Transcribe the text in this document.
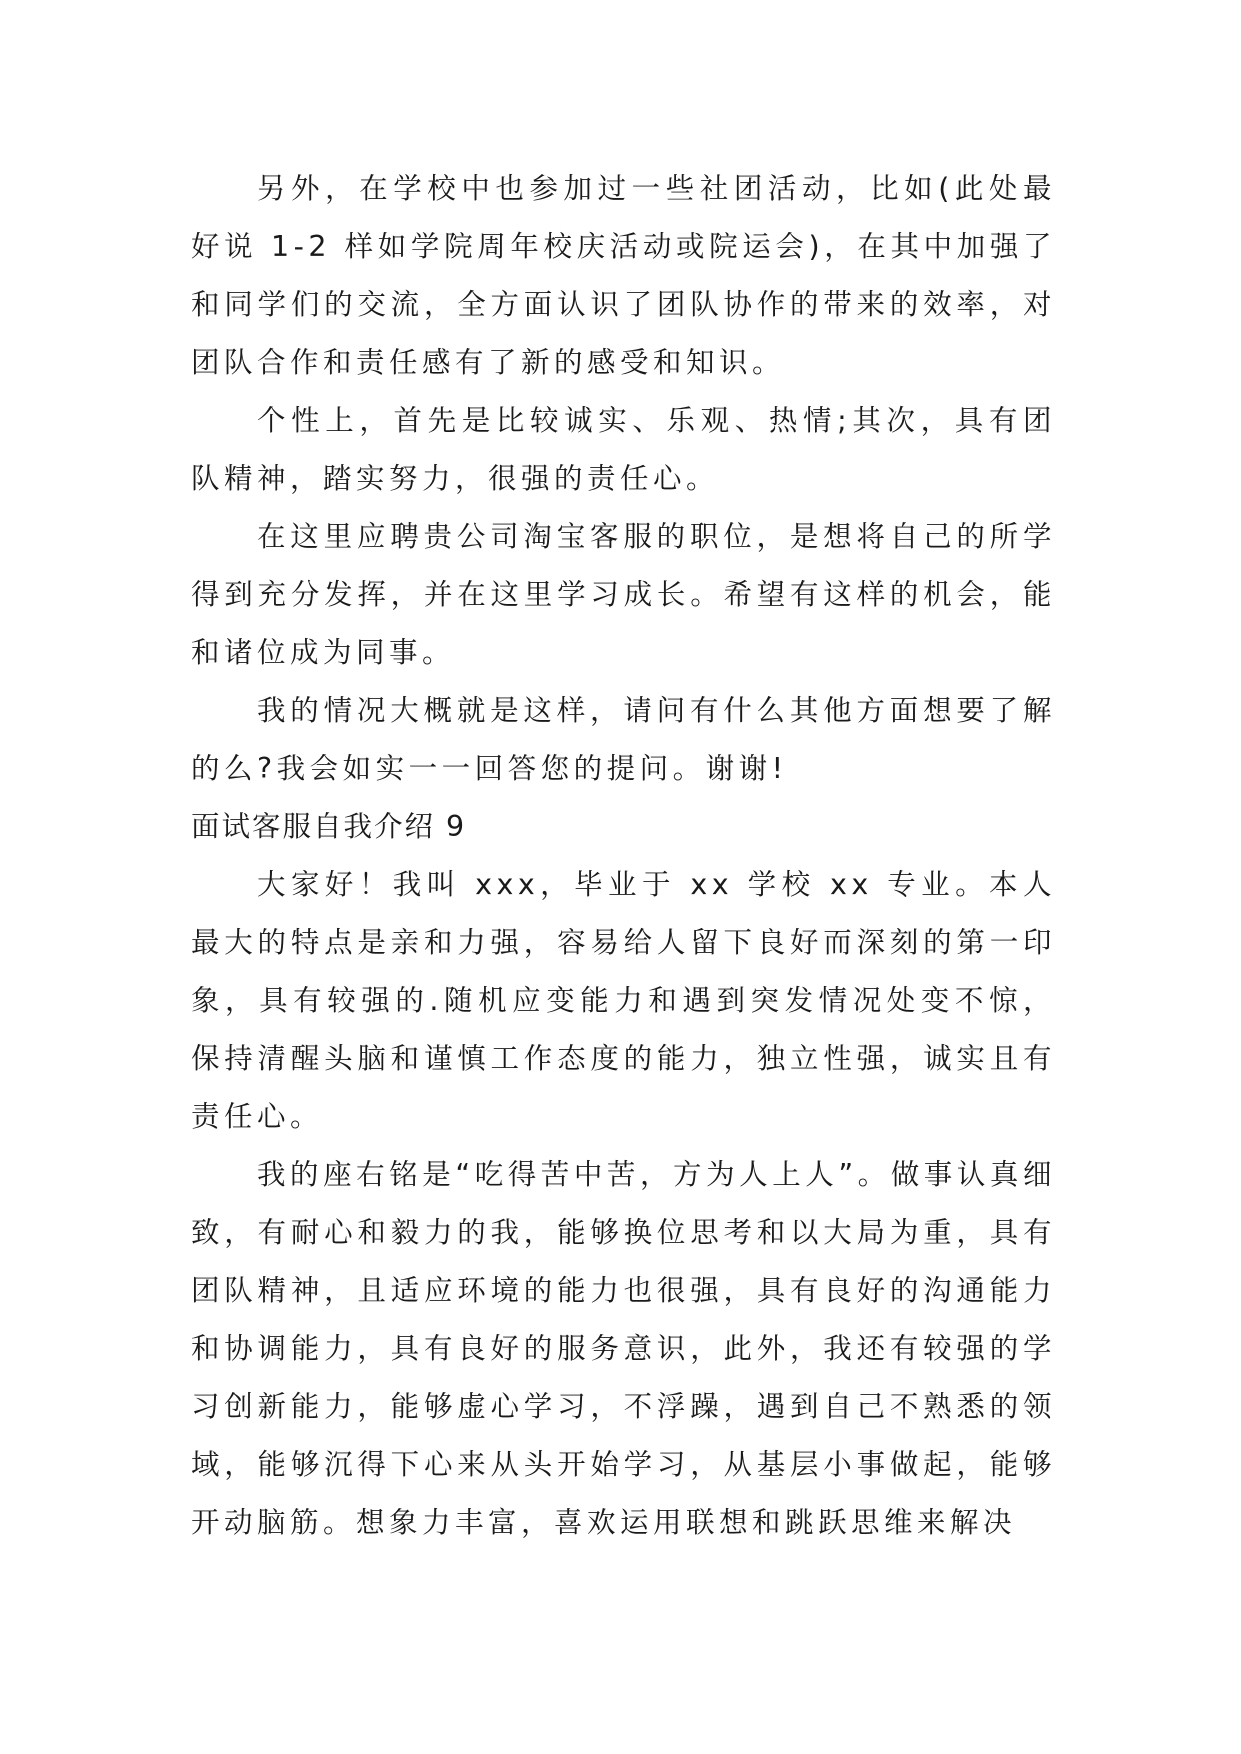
另外，在学校中也参加过一些社团活动，比如(此处最好说 1-2 样如学院周年校庆活动或院运会)，在其中加强了和同学们的交流，全方面认识了团队协作的带来的效率，对团队合作和责任感有了新的感受和知识。

个性上，首先是比较诚实、乐观、热情;其次，具有团队精神，踏实努力，很强的责任心。

在这里应聘贵公司淘宝客服的职位，是想将自己的所学得到充分发挥，并在这里学习成长。希望有这样的机会，能和诸位成为同事。

我的情况大概就是这样，请问有什么其他方面想要了解的么?我会如实一一回答您的提问。谢谢!

面试客服自我介绍 9

大家好！我叫 xxx，毕业于 xx 学校 xx 专业。本人最大的特点是亲和力强，容易给人留下良好而深刻的第一印象，具有较强的.随机应变能力和遇到突发情况处变不惊，保持清醒头脑和谨慎工作态度的能力，独立性强，诚实且有责任心。

我的座右铭是“吃得苦中苦，方为人上人”。做事认真细致，有耐心和毅力的我，能够换位思考和以大局为重，具有团队精神，且适应环境的能力也很强，具有良好的沟通能力和协调能力，具有良好的服务意识，此外，我还有较强的学习创新能力，能够虚心学习，不浮躁，遇到自己不熟悉的领域，能够沉得下心来从头开始学习，从基层小事做起，能够开动脑筋。想象力丰富，喜欢运用联想和跳跃思维来解决
